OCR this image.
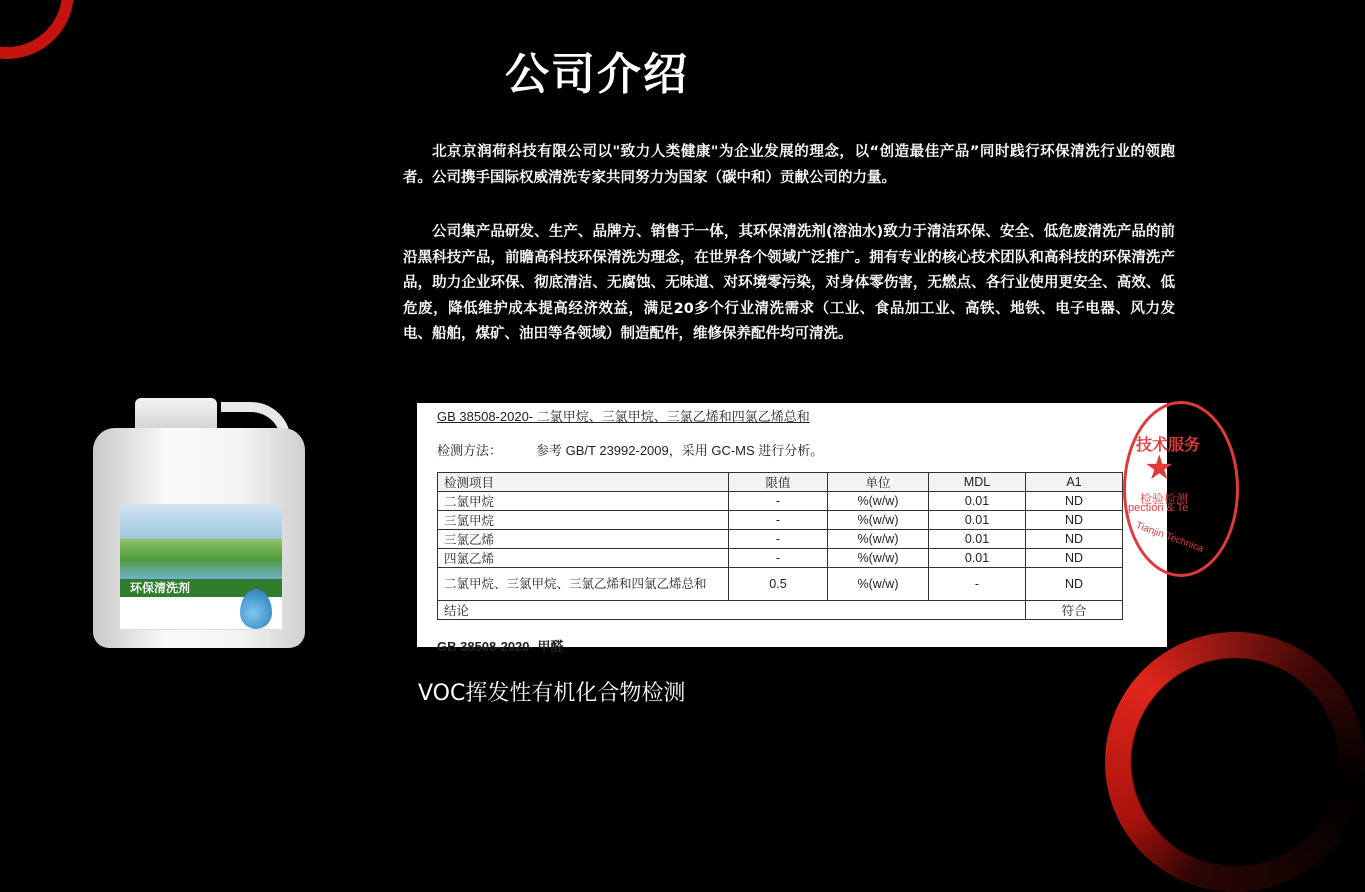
公司介绍
北京京润荷科技有限公司以"致力人类健康"为企业发展的理念，以“创造最佳产品”同时践行环保清洗行业的领跑者。公司携手国际权威清洗专家共同努力为国家（碳中和）贡献公司的力量。
公司集产品研发、生产、品牌方、销售于一体，其环保清洗剂(溶油水)致力于清洁环保、安全、低危废清洗产品的前沿黑科技产品，前瞻高科技环保清洗为理念，在世界各个领域广泛推广。拥有专业的核心技术团队和高科技的环保清洗产品，助力企业环保、彻底清洁、无腐蚀、无味道、对环境零污染，对身体零伤害，无燃点、各行业使用更安全、高效、低危废，降低维护成本提高经济效益，满足20多个行业清洗需求（工业、食品加工业、高铁、地铁、电子电器、风力发电、船舶，煤矿、油田等各领域）制造配件，维修保养配件均可清洗。
环保清洗剂
GB 38508-2020- 二氯甲烷、三氯甲烷、三氯乙烯和四氯乙烯总和
检测方法：	参考 GB/T 23992-2009，采用 GC-MS 进行分析。
检测项目	限值	单位	MDL	A1
二氯甲烷	-	%(w/w)	0.01	ND
三氯甲烷	-	%(w/w)	0.01	ND
三氯乙烯	-	%(w/w)	0.01	ND
四氯乙烯	-	%(w/w)	0.01	ND
二氯甲烷、三氯甲烷、三氯乙烯和四氯乙烯总和	0.5	%(w/w)	-	ND
结论				符合
GB 38508-2020- 甲醛
技术服务
★
检验检测
pection & Te
Tianjin Technica
VOC挥发性有机化合物检测
